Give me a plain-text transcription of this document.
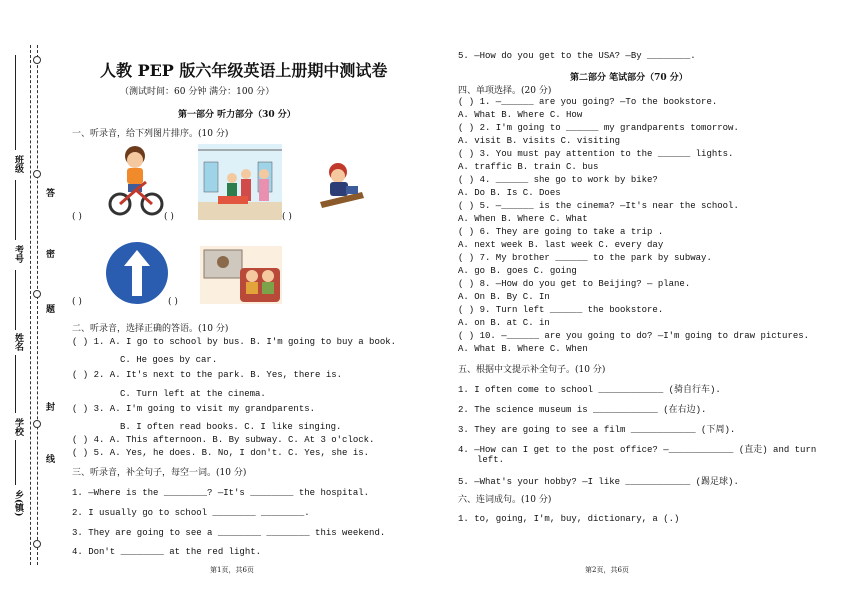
班级
考号
姓名
学校
乡(镇)
答
密
题
封
线
人教 PEP 版六年级英语上册期中测试卷
（测试时间：60 分钟 满分：100 分）
第一部分 听力部分（30 分）
一、听录音，给下列图片排序。(10 分)
( )	( )	( )
( )	( )
二、听录音，选择正确的答语。(10 分)
( ) 1. A. I go to school by bus. B. I'm going to buy a book.
C. He goes by car.
( ) 2. A. It's next to the park. B. Yes, there is.
C. Turn left at the cinema.
( ) 3. A. I'm going to visit my grandparents.
B. I often read books. C. I like singing.
( ) 4. A. This afternoon. B. By subway. C. At 3 o'clock.
( ) 5. A. Yes, he does. B. No, I don't. C. Yes, she is.
三、听录音，补全句子，每空一词。(10 分)
1. —Where is the ________? —It's ________ the hospital.
2. I usually go to school ________ ________.
3. They are going to see a ________ ________ this weekend.
4. Don't ________ at the red light.
第1页，共6页
5. —How do you get to the USA? —By ________.
第二部分 笔试部分（70 分）
四、单项选择。(20 分)
( ) 1. —______ are you going? —To the bookstore.
A. What B. Where C. How
( ) 2. I'm going to ______ my grandparents tomorrow.
A. visit B. visits C. visiting
( ) 3. You must pay attention to the ______ lights.
A. traffic B. train C. bus
( ) 4. ______ she go to work by bike?
A. Do B. Is C. Does
( ) 5. —______ is the cinema? —It's near the school.
A. When B. Where C. What
( ) 6. They are going to take a trip .
A. next week B. last week C. every day
( ) 7. My brother ______ to the park by subway.
A. go B. goes C. going
( ) 8. —How do you get to Beijing? — plane.
A. On B. By C. In
( ) 9. Turn left ______ the bookstore.
A. on B. at C. in
( ) 10. —______ are you going to do? —I'm going to draw pictures.
A. What B. Where C. When
五、根据中文提示补全句子。(10 分)
1. I often come to school ____________ (骑自行车).
2. The science museum is ____________ (在右边).
3. They are going to see a film ____________ (下周).
4. —How can I get to the post office? —____________ (直走) and turn
left.
5. —What's your hobby? —I like ____________ (踢足球).
六、连词成句。(10 分)
1. to, going, I'm, buy, dictionary, a (.)
第2页，共6页
